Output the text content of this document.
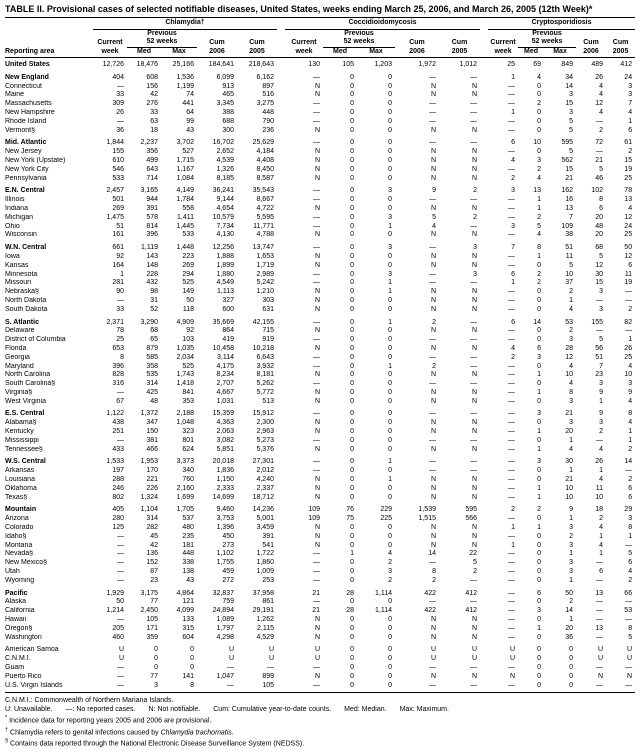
TABLE II. Provisional cases of selected notifiable diseases, United States, weeks ending March 25, 2006, and March 26, 2005 (12th Week)*
	Chlamydia†						Coccidioidomycosis						Cryptosporidiosis				
		Previous						Previous						Previous			
	Current	52 weeks		Cum	Cum		Current	52 weeks		Cum	Cum		Current	52 weeks		Cum	Cum
Reporting area	week	Med	Max	2006	2005		week	Med	Max	2006	2005		week	Med	Max	2006	2005
United States	12,726	18,476	25,166	184,641	218,643		130	105	1,203	1,972	1,012		25	69	849	489	412
New England	404	608	1,536	6,099	6,162		—	0	0	—	—		1	4	34	26	24
Connecticut	—	156	1,199	913	897		N	0	0	N	N		—	0	14	4	3
Maine	33	42	74	465	516		N	0	0	N	N		—	0	3	4	3
Massachusetts	309	276	441	3,345	3,275		—	0	0	—	—		—	2	15	12	7
New Hampshire	26	33	64	388	448		—	0	0	—	—		1	0	3	4	4
Rhode Island	—	63	99	688	790		—	0	0	—	—		—	0	5	—	1
Vermont§	36	18	43	300	236		N	0	0	N	N		—	0	5	2	6
Mid. Atlantic	1,844	2,237	3,702	16,702	25,629		—	0	0	—	—		6	10	595	72	61
New Jersey	155	356	527	2,652	4,184		N	0	0	N	N		—	0	5	—	2
New York (Upstate)	610	499	1,715	4,539	4,408		N	0	0	N	N		4	3	562	21	15
New York City	546	643	1,167	1,326	8,450		N	0	0	N	N		—	2	15	5	19
Pennsylvania	533	714	1,084	8,185	8,587		N	0	0	N	N		2	4	21	46	25
E.N. Central	2,457	3,165	4,149	36,241	35,543		—	0	3	9	2		3	13	162	102	78
Illinois	501	944	1,784	9,144	8,667		—	0	0	—	—		—	1	16	8	13
Indiana	269	391	558	4,654	4,722		N	0	0	N	N		—	1	13	6	4
Michigan	1,475	578	1,411	10,579	5,595		—	0	3	5	2		—	2	7	20	12
Ohio	51	814	1,445	7,734	11,771		—	0	1	4	—		3	5	109	48	24
Wisconsin	161	396	533	4,130	4,788		N	0	0	N	N		—	4	38	20	25
W.N. Central	661	1,119	1,448	12,256	13,747		—	0	3	—	3		7	8	51	68	50
Iowa	92	143	223	1,888	1,653		N	0	0	N	N		—	1	11	5	12
Kansas	164	148	269	1,899	1,719		N	0	0	N	N		—	0	5	12	6
Minnesota	1	228	294	1,880	2,989		—	0	3	—	3		6	2	10	30	11
Missouri	281	432	525	4,549	5,242		—	0	1	—	—		1	2	37	15	19
Nebraska§	90	98	149	1,113	1,210		N	0	1	N	N		—	0	2	3	—
North Dakota	—	31	50	327	303		N	0	0	N	N		—	0	1	—	—
South Dakota	33	52	118	600	631		N	0	0	N	N		—	0	4	3	2
S. Atlantic	2,371	3,290	4,909	35,669	42,155		—	0	1	2	—		6	14	53	155	82
Delaware	78	68	92	864	715		N	0	0	N	N		—	0	2	—	—
District of Columbia	25	65	103	419	919		—	0	0	—	—		—	0	3	5	1
Florida	653	879	1,035	10,458	10,218		N	0	0	N	N		4	6	28	56	26
Georgia	8	585	2,034	3,114	6,643		—	0	0	—	—		2	3	12	51	25
Maryland	396	358	525	4,175	3,932		—	0	1	2	—		—	0	4	7	4
North Carolina	828	535	1,743	8,234	8,181		N	0	0	N	N		—	1	10	23	10
South Carolina§	316	314	1,418	2,707	5,262		—	0	0	—	—		—	0	4	3	3
Virginia§	—	425	841	4,667	5,772		N	0	0	N	N		—	1	8	9	9
West Virginia	67	48	353	1,031	513		N	0	0	N	N		—	0	3	1	4
E.S. Central	1,122	1,372	2,188	15,359	15,912		—	0	0	—	—		—	3	21	9	8
Alabama§	438	347	1,048	4,363	2,300		N	0	0	N	N		—	0	3	3	4
Kentucky	251	150	323	2,063	2,963		N	0	0	N	N		—	1	20	2	1
Mississippi	—	381	801	3,082	5,273		—	0	0	—	—		—	0	1	—	1
Tennessee§	433	466	624	5,851	5,376		N	0	0	N	N		—	1	4	4	2
W.S. Central	1,533	1,953	3,373	20,018	27,301		—	0	1	—	—		—	3	30	26	14
Arkansas	197	170	340	1,836	2,012		—	0	0	—	—		—	0	1	1	—
Louisiana	288	221	760	1,150	4,240		N	0	1	N	N		—	0	21	4	2
Oklahoma	246	226	2,160	2,333	2,337		N	0	0	N	N		—	1	10	11	6
Texas§	802	1,324	1,699	14,699	18,712		N	0	0	N	N		—	1	10	10	6
Mountain	405	1,104	1,705	9,460	14,236		109	76	229	1,539	595		2	2	9	18	29
Arizona	280	314	537	3,753	5,001		109	75	225	1,515	566		—	0	1	2	3
Colorado	125	282	480	1,396	3,459		N	0	0	N	N		1	1	3	4	8
Idaho§	—	45	235	450	391		N	0	0	N	N		—	0	2	1	1
Montana	—	42	181	273	541		N	0	0	N	N		1	0	3	4	—
Nevada§	—	136	448	1,102	1,722		—	1	4	14	22		—	0	1	1	5
New Mexico§	—	152	338	1,755	1,860		—	0	2	—	5		—	0	3	—	6
Utah	—	87	138	459	1,009		—	0	3	8	2		—	0	3	6	4
Wyoming	—	23	43	272	253		—	0	2	2	—		—	0	1	—	2
Pacific	1,929	3,175	4,864	32,837	37,958		21	28	1,114	422	412		—	6	50	13	66
Alaska	50	77	121	759	861		—	0	0	—	—		—	0	2	—	—
California	1,214	2,450	4,099	24,894	29,191		21	28	1,114	422	412		—	3	14	—	53
Hawaii	—	105	133	1,089	1,262		N	0	0	N	N		—	0	1	—	—
Oregon§	205	171	315	1,797	2,115		N	0	0	N	N		—	1	20	13	8
Washington	460	359	604	4,298	4,529		N	0	0	N	N		—	0	36	—	5
American Samoa	U	0	0	U	U		U	0	0	U	U		U	0	0	U	U
C.N.M.I.	U	0	0	U	U		U	0	0	U	U		U	0	0	U	U
Guam	—	0	0	—	—		—	0	0	—	—		—	0	0	—	—
Puerto Rico	—	77	141	1,047	899		N	0	0	N	N		N	0	0	N	N
U.S. Virgin Islands	—	3	8	—	105		—	0	0	—	—		—	0	0	—	—
C.N.M.I.: Commonwealth of Northern Mariana Islands.
U: Unavailable. —: No reported cases. N: Not notifiable. Cum: Cumulative year-to-date counts. Med: Median. Max: Maximum.
* Incidence data for reporting years 2005 and 2006 are provisional.
† Chlamydia refers to genital infections caused by Chlamydia trachomatis.
§ Contains data reported through the National Electronic Disease Surveillance System (NEDSS).
